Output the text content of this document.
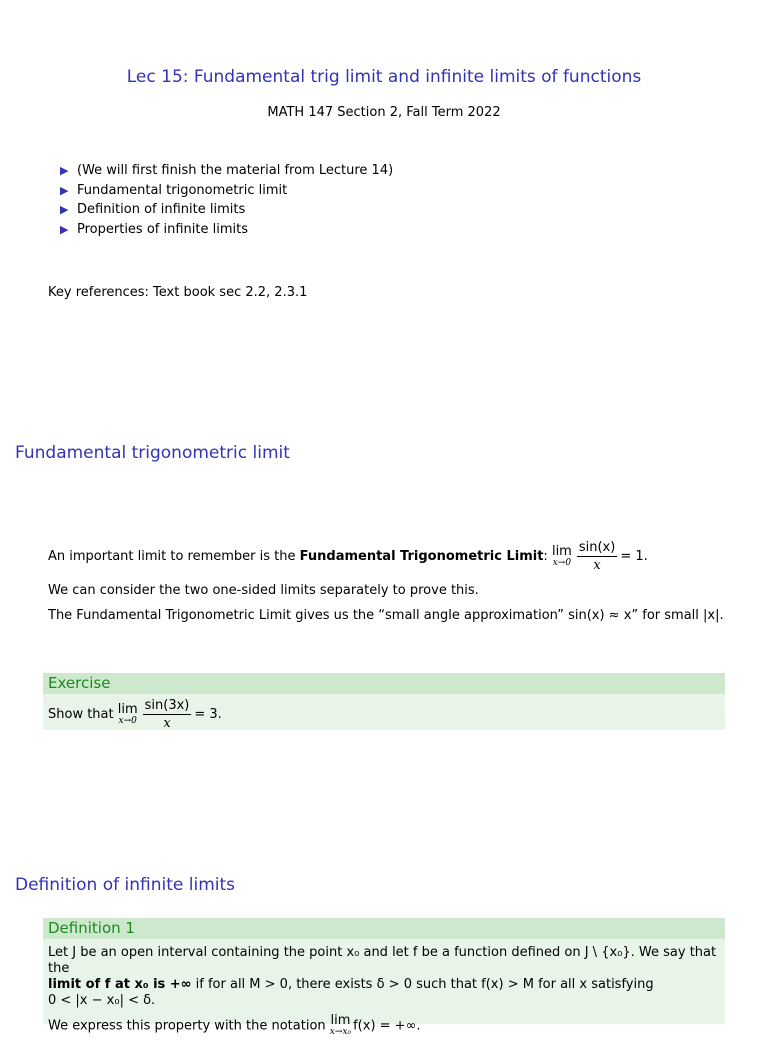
Lec 15: Fundamental trig limit and infinite limits of functions
MATH 147 Section 2, Fall Term 2022
▶ (We will first finish the material from Lecture 14)
▶ Fundamental trigonometric limit
▶ Definition of infinite limits
▶ Properties of infinite limits
Key references: Text book sec 2.2, 2.3.1
Fundamental trigonometric limit
An important limit to remember is the Fundamental Trigonometric Limit: lim
$x\to 0 \frac{\sin(x)}{x} = 1$.
We can consider the two one-sided limits separately to prove this.
The Fundamental Trigonometric Limit gives us the “small angle approximation” sin(x) ≈ x” for small |x|.
Exercise
Show that lim
$x\to 0 \frac{\sin(3x)}{x} = 3$.
Definition of infinite limits
Definition 1
Let J be an open interval containing the point x₀ and let f be a function defined on J \ {x₀}. We say that the
limit of f at x₀ is +∞ if for all M > 0, there exists δ > 0 such that f(x) > M for all x satisfying
0 < |x − x₀| < δ.
We express this property with the notation lim
x→x₀ f(x) = +∞.
